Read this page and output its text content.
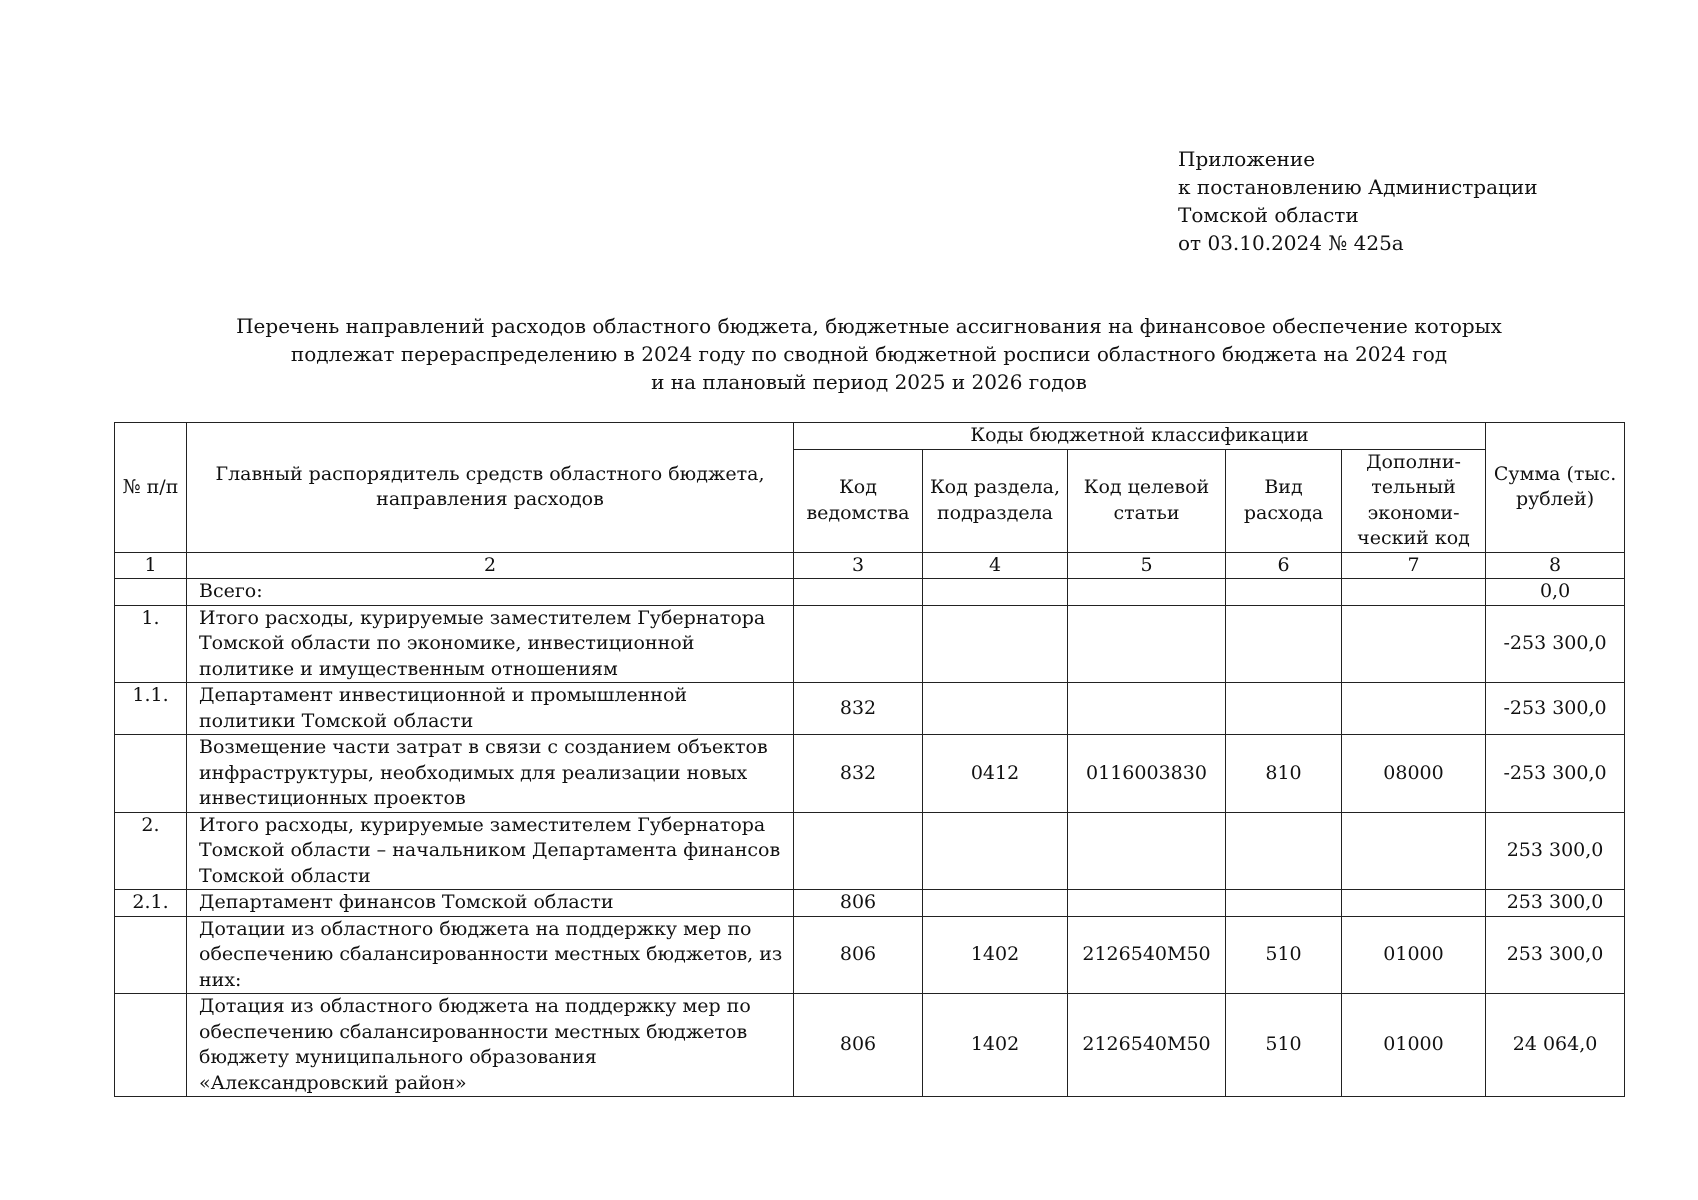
Приложение
к постановлению Администрации
Томской области
от 03.10.2024 № 425а
Перечень направлений расходов областного бюджета, бюджетные ассигнования на финансовое обеспечение которых
подлежат перераспределению в 2024 году по сводной бюджетной росписи областного бюджета на 2024 год
и на плановый период 2025 и 2026 годов
№ п/п	Главный распорядитель средств областного бюджета, направления расходов	Коды бюджетной классификации					Сумма (тыс. рублей)
		Код ведомства	Код раздела, подраздела	Код целевой статьи	Вид расхода	Дополни-тельный экономи-ческий код	
1	2	3	4	5	6	7	8
	Всего:						0,0
1.	Итого расходы, курируемые заместителем Губернатора Томской области по экономике, инвестиционной политике и имущественным отношениям						-253 300,0
1.1.	Департамент инвестиционной и промышленной политики Томской области	832					-253 300,0
	Возмещение части затрат в связи с созданием объектов инфраструктуры, необходимых для реализации новых инвестиционных проектов	832	0412	0116003830	810	08000	-253 300,0
2.	Итого расходы, курируемые заместителем Губернатора Томской области – начальником Департамента финансов Томской области						253 300,0
2.1.	Департамент финансов Томской области	806					253 300,0
	Дотации из областного бюджета на поддержку мер по обеспечению сбалансированности местных бюджетов, из них:	806	1402	2126540M50	510	01000	253 300,0
	Дотация из областного бюджета на поддержку мер по обеспечению сбалансированности местных бюджетов бюджету муниципального образования «Александровский район»	806	1402	2126540M50	510	01000	24 064,0
